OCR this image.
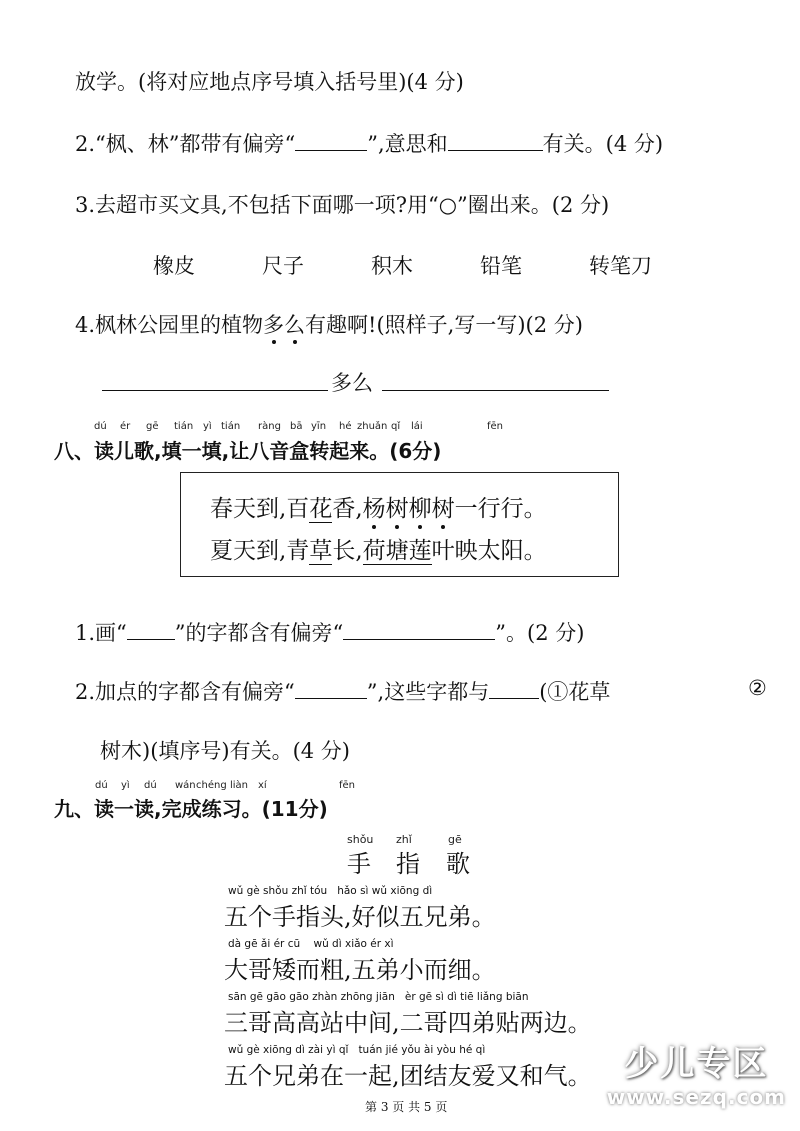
放学。(将对应地点序号填入括号里)(4 分)
2.“枫、林”都带有偏旁“	”,意思和	有关。(4 分)
3.去超市买文具,不包括下面哪一项?用“○”圈出来。(2 分)
橡皮	尺子	积木	铅笔	转笔刀
4.枫林公园里的植物多么有趣啊!(照样子,写一写)(2 分)
多么
dú ér gē tián yì tián ràng bā yīn hé zhuǎn qǐ lái	fēn
八、读儿歌,填一填,让八音盒转起来。(6分)
春天到,百花香,杨树柳树一行行。
夏天到,青草长,荷塘莲叶映太阳。
1.画“ ”的字都含有偏旁“	”。(2 分)
2.加点的字都含有偏旁“	”,这些字都与 (①花草	②
树木)(填序号)有关。(4 分)
dú yì dú wán chéng liàn xí	fēn
九、读一读,完成练习。(11分)
shǒu zhǐ	gē
手 指 歌
wǔ gè shǒu zhǐ tóu   hǎo sì wǔ xiōng dì
五个手指头,好似五兄弟。
dà gē ǎi ér cū    wǔ dì xiǎo ér xì
大哥矮而粗,五弟小而细。
sān gē gāo gāo zhàn zhōng jiān   èr gē sì dì tiē liǎng biān
三哥高高站中间,二哥四弟贴两边。
wǔ gè xiōng dì zài yì qǐ   tuán jié yǒu ài yòu hé qì
五个兄弟在一起,团结友爱又和气。
第 3 页 共 5 页
少儿专区
www.sezq.com
